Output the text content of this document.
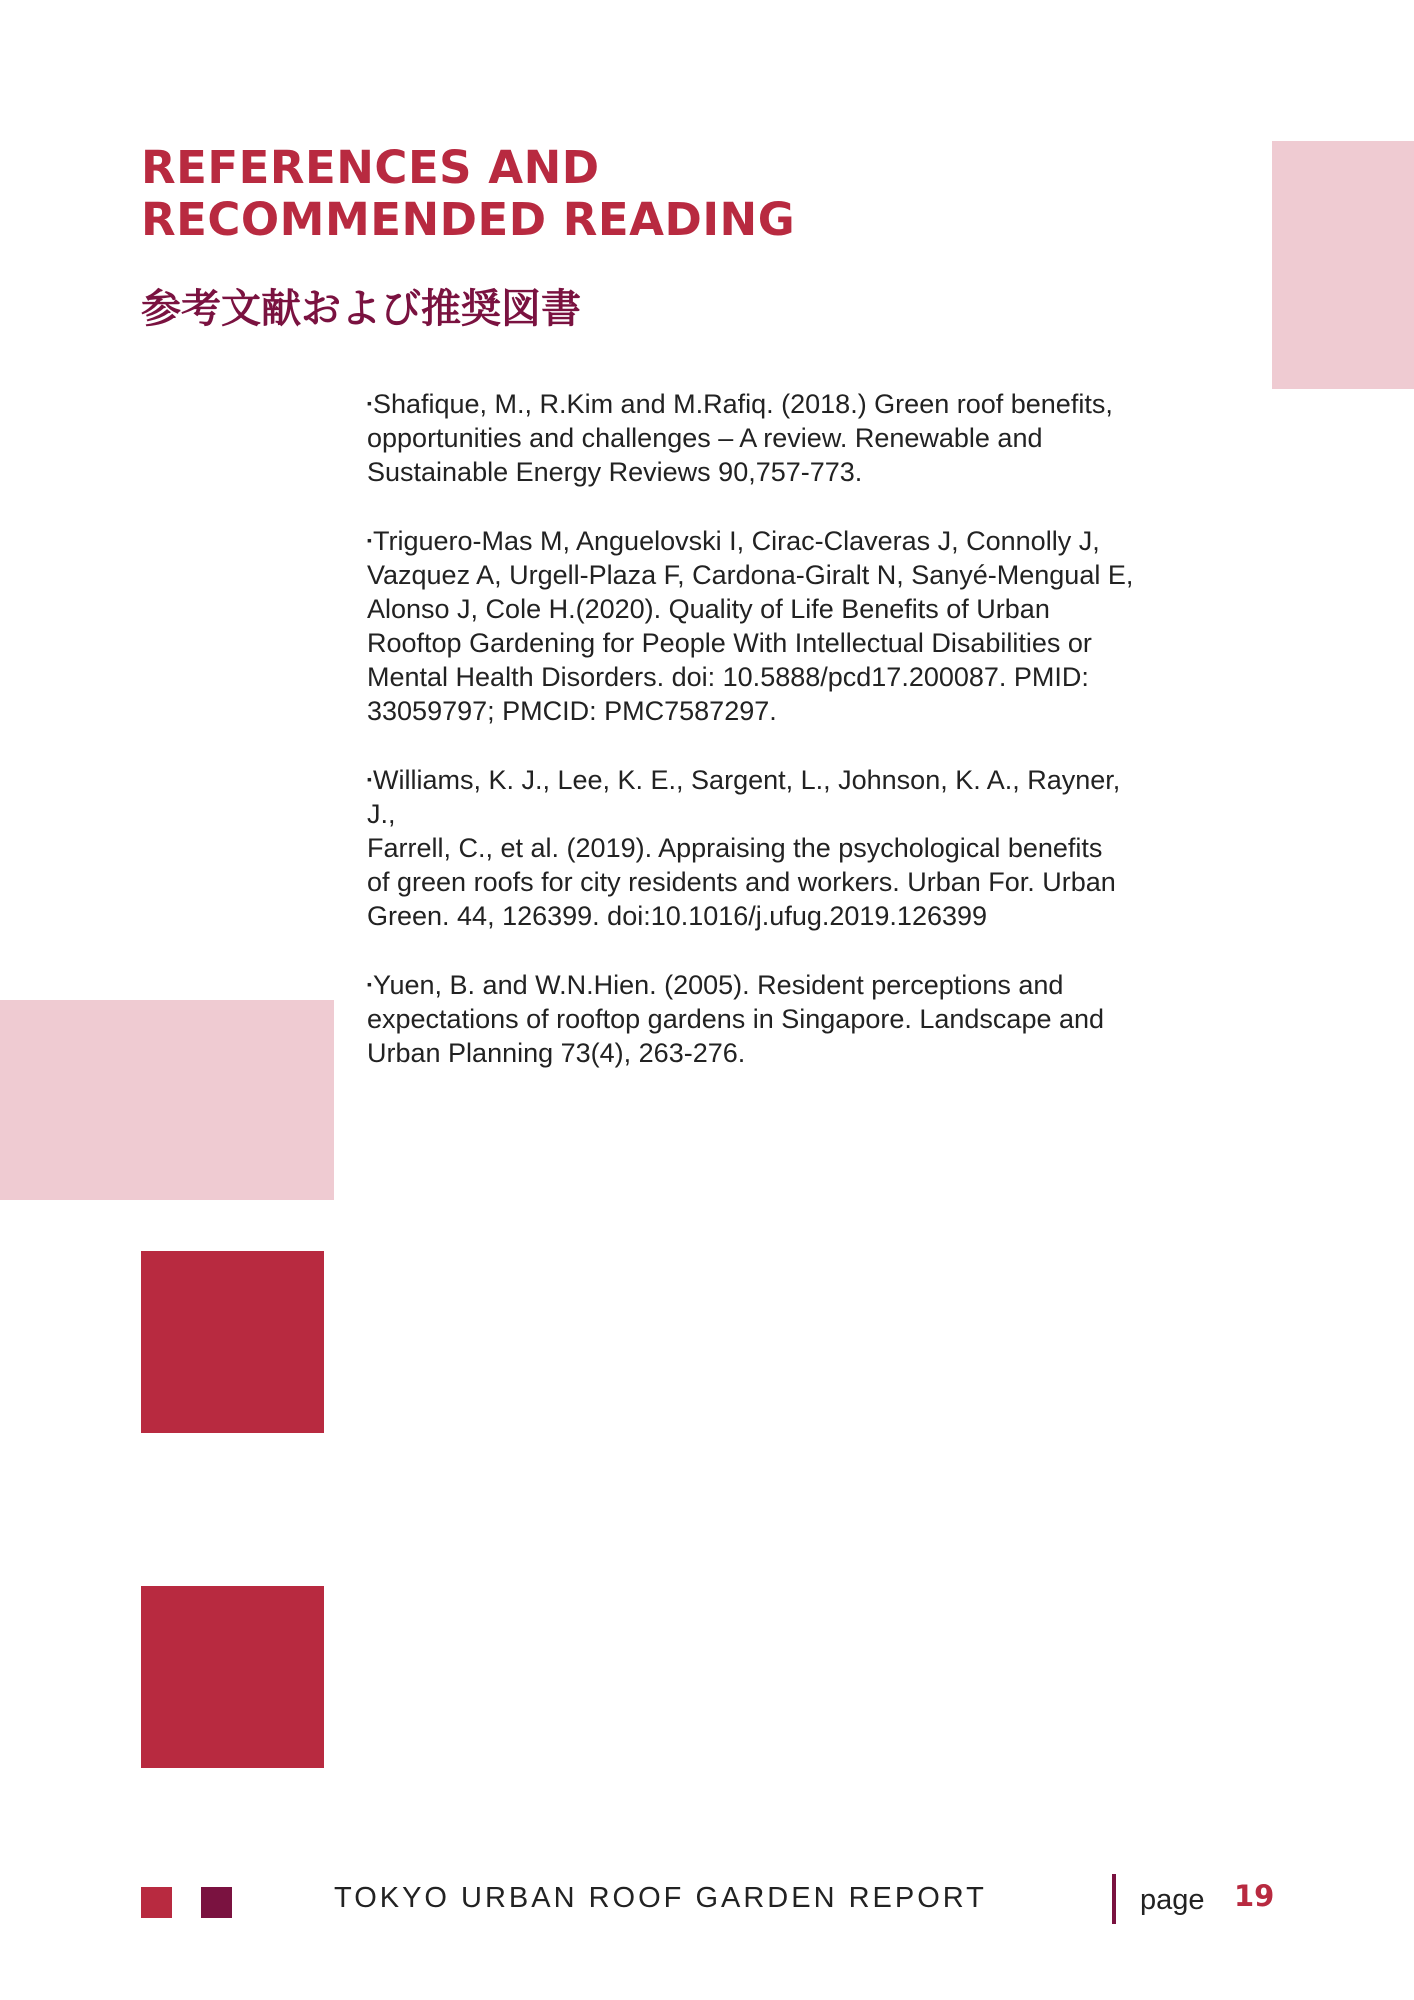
REFERENCES AND
RECOMMENDED READING
参考文献および推奨図書

▪Shafique, M., R.Kim and M.Rafiq. (2018.) Green roof benefits,
opportunities and challenges – A review. Renewable and
Sustainable Energy Reviews 90,757-773.

▪Triguero-Mas M, Anguelovski I, Cirac-Claveras J, Connolly J,
Vazquez A, Urgell-Plaza F, Cardona-Giralt N, Sanyé-Mengual E,
Alonso J, Cole H.(2020). Quality of Life Benefits of Urban
Rooftop Gardening for People With Intellectual Disabilities or
Mental Health Disorders. doi: 10.5888/pcd17.200087. PMID:
33059797; PMCID: PMC7587297.

▪Williams, K. J., Lee, K. E., Sargent, L., Johnson, K. A., Rayner, J.,
Farrell, C., et al. (2019). Appraising the psychological benefits
of green roofs for city residents and workers. Urban For. Urban
Green. 44, 126399. doi:10.1016/j.ufug.2019.126399

▪Yuen, B. and W.N.Hien. (2005). Resident perceptions and
expectations of rooftop gardens in Singapore. Landscape and
Urban Planning 73(4), 263-276.

TOKYO URBAN ROOF GARDEN REPORT	page 19
